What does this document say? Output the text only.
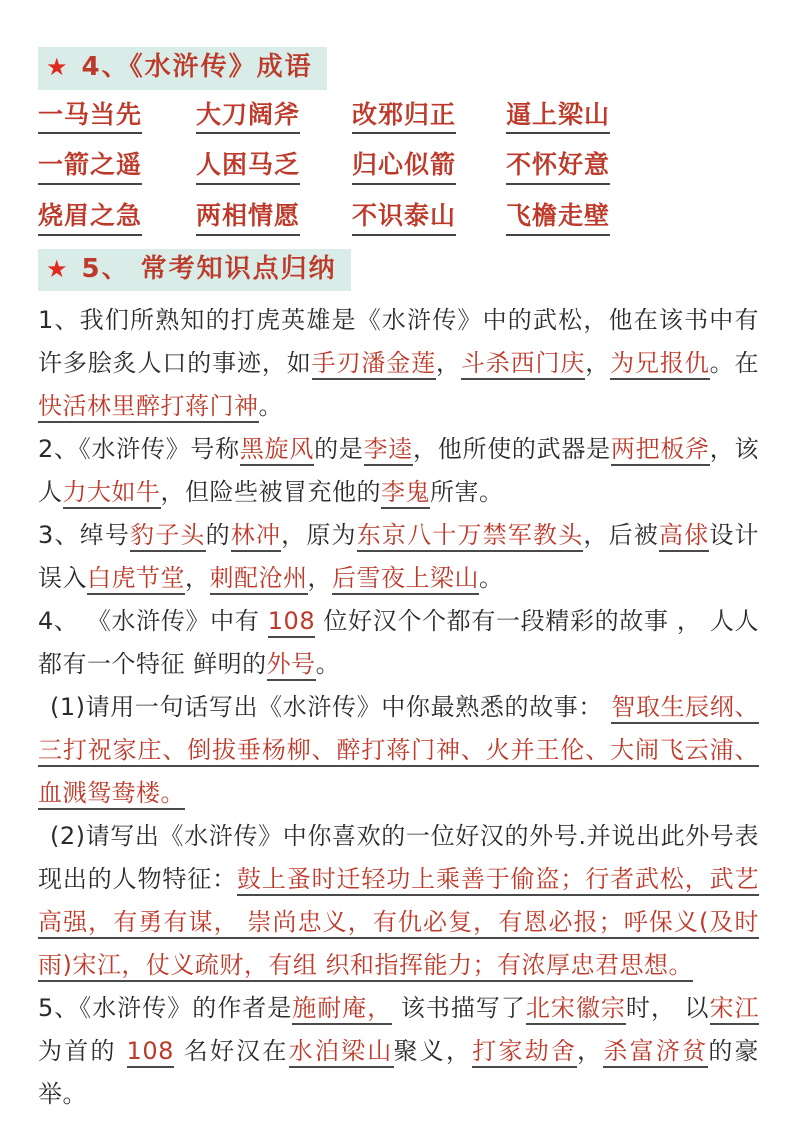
★ 4、《水浒传》成语
一马当先 大刀阔斧 改邪归正 逼上梁山
一箭之遥 人困马乏 归心似箭 不怀好意
烧眉之急 两相情愿 不识泰山 飞檐走壁
★ 5、 常考知识点归纳

1、我们所熟知的打虎英雄是《水浒传》中的武松，他在该书中有许多脍炙人口的事迹，如手刃潘金莲，斗杀西门庆，为兄报仇。在快活林里醉打蒋门神。

2、《水浒传》号称黑旋风的是李逵，他所使的武器是两把板斧，该人力大如牛，但险些被冒充他的李鬼所害。

3、绰号豹子头的林冲，原为东京八十万禁军教头，后被高俅设计误入白虎节堂，刺配沧州，后雪夜上梁山。

4、 《水浒传》中有 108 位好汉个个都有一段精彩的故事 ， 人人都有一个特征 鲜明的外号。

(1)请用一句话写出《水浒传》中你最熟悉的故事： 智取生辰纲、三打祝家庄、倒拔垂杨柳、醉打蒋门神、火并王伦、大闹飞云浦、血溅鸳鸯楼。

(2)请写出《水浒传》中你喜欢的一位好汉的外号.并说出此外号表现出的人物特征：鼓上蚤时迁轻功上乘善于偷盗；行者武松，武艺高强，有勇有谋， 崇尚忠义，有仇必复，有恩必报；呼保义(及时雨)宋江，仗义疏财，有组 织和指挥能力；有浓厚忠君思想。

5、《水浒传》的作者是施耐庵， 该书描写了北宋徽宗时， 以宋江为首的 108 名好汉在水泊梁山聚义，打家劫舍，杀富济贫的豪举。
